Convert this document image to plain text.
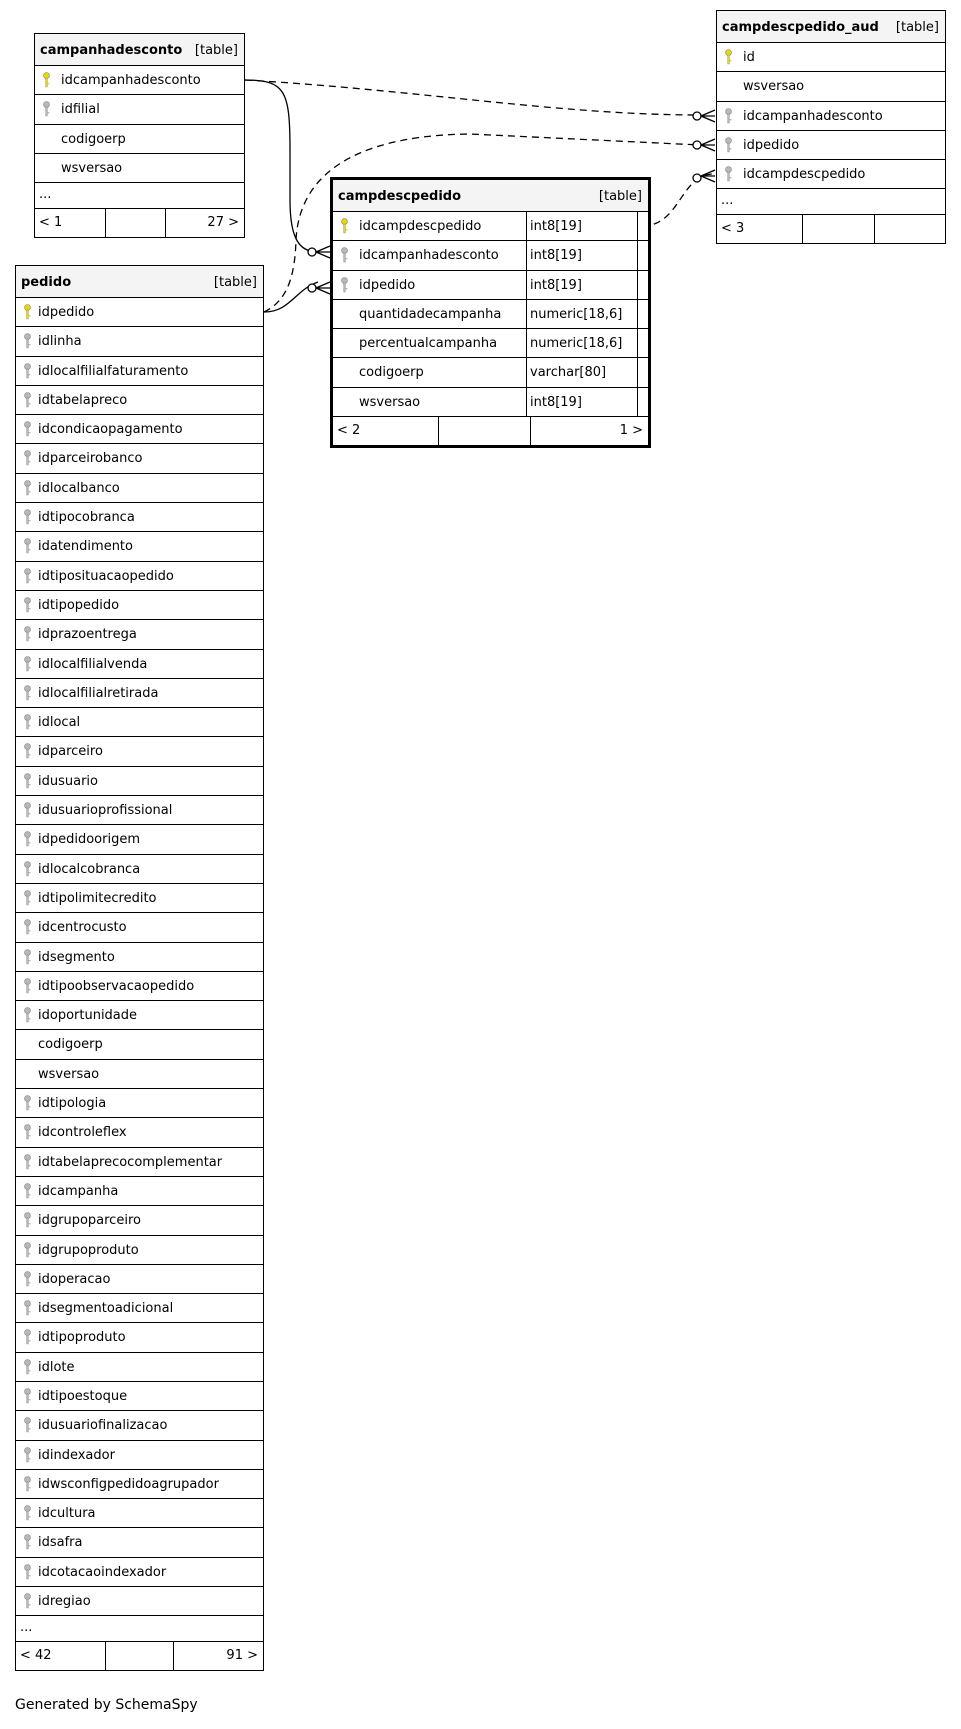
campanhadesconto [table]
idcampanhadesconto
idfilial
codigoerp
wsversao
...
< 1	27 >
pedido	[table]
idpedido
idlinha
idlocalfilialfaturamento
idtabelapreco
idcondicaopagamento
idparceirobanco
idlocalbanco
idtipocobranca
idatendimento
idtiposituacaopedido
idtipopedido
idprazoentrega
idlocalfilialvenda
idlocalfilialretirada
idlocal
idparceiro
idusuario
idusuarioprofissional
idpedidoorigem
idlocalcobranca
idtipolimitecredito
idcentrocusto
idsegmento
idtipoobservacaopedido
idoportunidade
codigoerp
wsversao
idtipologia
idcontroleflex
idtabelaprecocomplementar
idcampanha
idgrupoparceiro
idgrupoproduto
idoperacao
idsegmentoadicional
idtipoproduto
idlote
idtipoestoque
idusuariofinalizacao
idindexador
idwsconfigpedidoagrupador
idcultura
idsafra
idcotacaoindexador
idregiao
...
< 42	91 >
campdescpedido	[table]
idcampdescpedido	int8[19]
idcampanhadesconto	int8[19]
idpedido	int8[19]
quantidadecampanha	numeric[18,6]
percentualcampanha	numeric[18,6]
codigoerp	varchar[80]
wsversao	int8[19]
< 2	1 >
campdescpedido_aud [table]
id
wsversao
idcampanhadesconto
idpedido
idcampdescpedido
...
< 3
Generated by SchemaSpy
